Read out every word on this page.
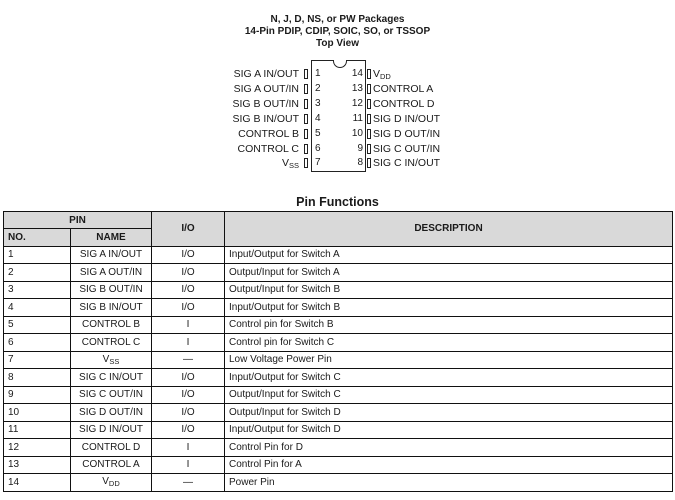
N, J, D, NS, or PW Packages
14-Pin PDIP, CDIP, SOIC, SO, or TSSOP
Top View
SIG A IN/OUT 1
SIG A OUT/IN 2
SIG B OUT/IN 3
SIG B IN/OUT 4
CONTROL B 5
CONTROL C 6
$V_{SS}$ 7
14 $V_{DD}$
13 CONTROL A
12 CONTROL D
11 SIG D IN/OUT
10 SIG D OUT/IN
9 SIG C OUT/IN
8 SIG C IN/OUT
Pin Functions
PIN		I/O	DESCRIPTION
NO.	NAME		
1	SIG A IN/OUT	I/O	Input/Output for Switch A
2	SIG A OUT/IN	I/O	Output/Input for Switch A
3	SIG B OUT/IN	I/O	Output/Input for Switch B
4	SIG B IN/OUT	I/O	Input/Output for Switch B
5	CONTROL B	I	Control pin for Switch B
6	CONTROL C	I	Control pin for Switch C
7	$V_{SS}$	—	Low Voltage Power Pin
8	SIG C IN/OUT	I/O	Input/Output for Switch C
9	SIG C OUT/IN	I/O	Output/Input for Switch C
10	SIG D OUT/IN	I/O	Output/Input for Switch D
11	SIG D IN/OUT	I/O	Input/Output for Switch D
12	CONTROL D	I	Control Pin for D
13	CONTROL A	I	Control Pin for A
14	$V_{DD}$	—	Power Pin
